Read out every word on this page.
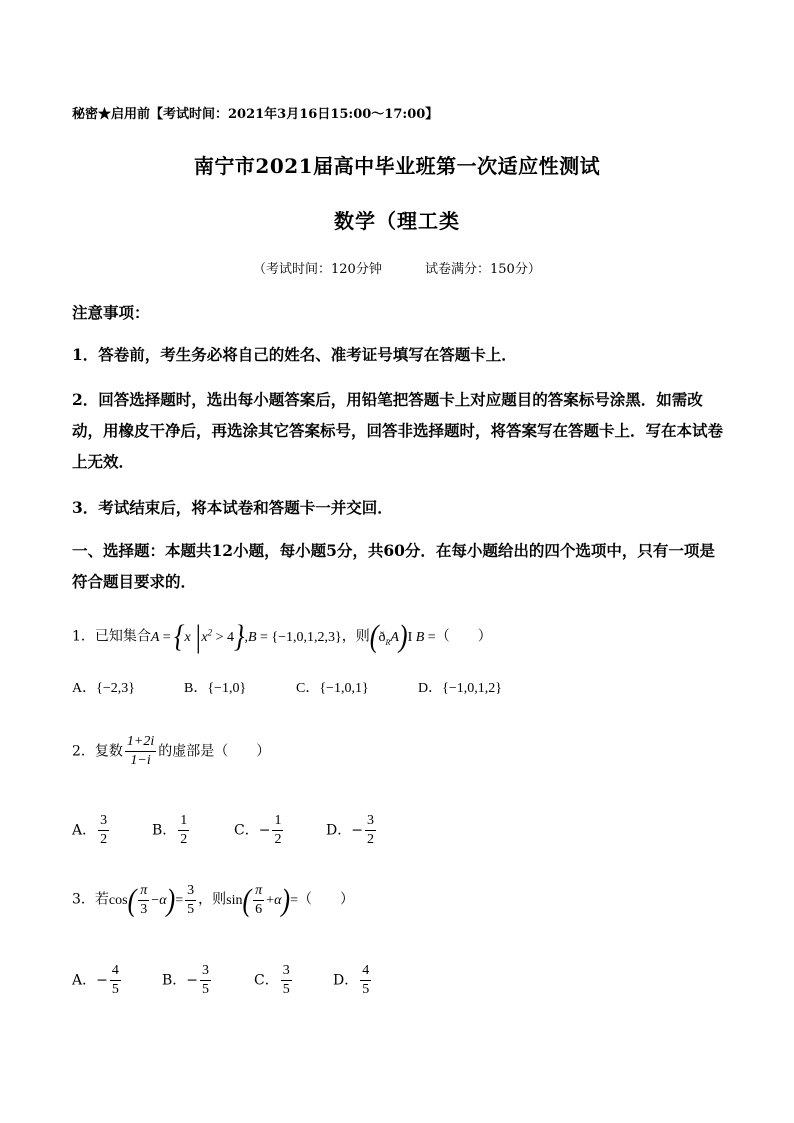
秘密★启用前【考试时间：2021年3月16日15:00～17:00】
南宁市2021届高中毕业班第一次适应性测试
数学（理工类
（考试时间：120分钟	试卷满分：150分）
注意事项：
1．答卷前，考生务必将自己的姓名、准考证号填写在答题卡上．
2．回答选择题时，选出每小题答案后，用铅笔把答题卡上对应题目的答案标号涂黑．如需改动，用橡皮干净后，再选涂其它答案标号，回答非选择题时，将答案写在答题卡上．写在本试卷上无效．
3．考试结束后，将本试卷和答题卡一并交回．
一、选择题：本题共12小题，每小题5分，共60分．在每小题给出的四个选项中，只有一项是符合题目要求的．
1．已知集合A = {x $|x^2 > 4\},B = \{-1,0,1,2,3\}$，则$(ð_RA)I$ B =（　　）
A．{−2,3}	B．{−1,0}	C．{−1,0,1}	D．{−1,0,1,2}
2．复数 $\frac{1+2i}{1-i}$ 的虚部是（　　）
A． $\frac{3}{2}$	B． $\frac{1}{2}$	C．− $\frac{1}{2}$	D．− $\frac{3}{2}$
3．若$\cos( \frac{\pi}{3} -\alpha)= \frac{3}{5}$ ，则$\sin( \frac{\pi}{6} +\alpha)=$（　　）
A．− $\frac{4}{5}$	B．− $\frac{3}{5}$	C． $\frac{3}{5}$	D． $\frac{4}{5}$
